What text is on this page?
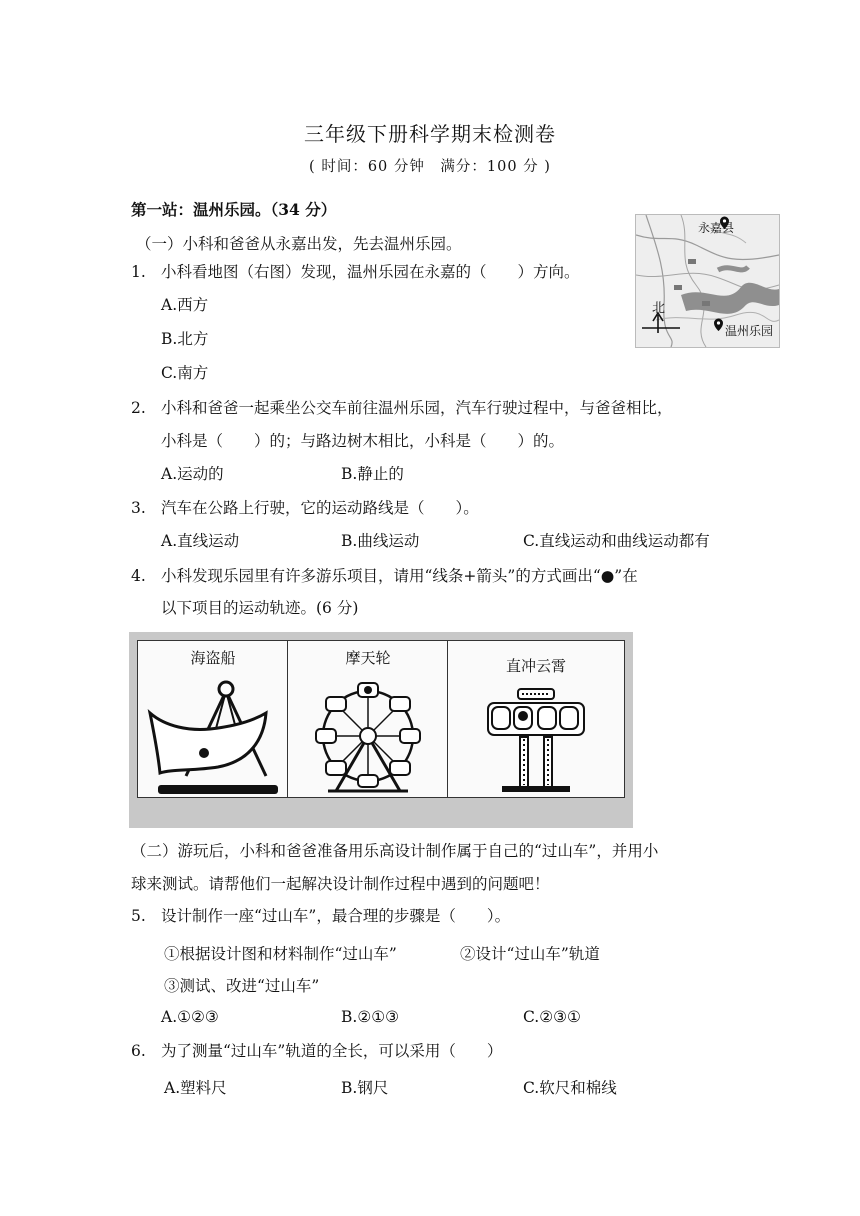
三年级下册科学期末检测卷
( 时间：60 分钟　满分：100 分 )
第一站：温州乐园。（34 分）
（一）小科和爸爸从永嘉出发，先去温州乐园。
永嘉县
北
温州乐园
1. 小科看地图（右图）发现，温州乐园在永嘉的（　　）方向。
A.西方
B.北方
C.南方
2. 小科和爸爸一起乘坐公交车前往温州乐园，汽车行驶过程中，与爸爸相比，
小科是（　　）的；与路边树木相比，小科是（　　）的。
A.运动的	B.静止的
3. 汽车在公路上行驶，它的运动路线是（　　）。
A.直线运动	B.曲线运动	C.直线运动和曲线运动都有
4. 小科发现乐园里有许多游乐项目，请用“线条+箭头”的方式画出“●”在
以下项目的运动轨迹。(6 分)
海盗船	摩天轮	直冲云霄
（二）游玩后，小科和爸爸准备用乐高设计制作属于自己的“过山车”，并用小
球来测试。请帮他们一起解决设计制作过程中遇到的问题吧！
5. 设计制作一座“过山车”，最合理的步骤是（　　）。
①根据设计图和材料制作“过山车”	②设计“过山车”轨道
③测试、改进“过山车”
A.①②③	B.②①③	C.②③①
6. 为了测量“过山车”轨道的全长，可以采用（　　）
A.塑料尺	B.钢尺	C.软尺和棉线
